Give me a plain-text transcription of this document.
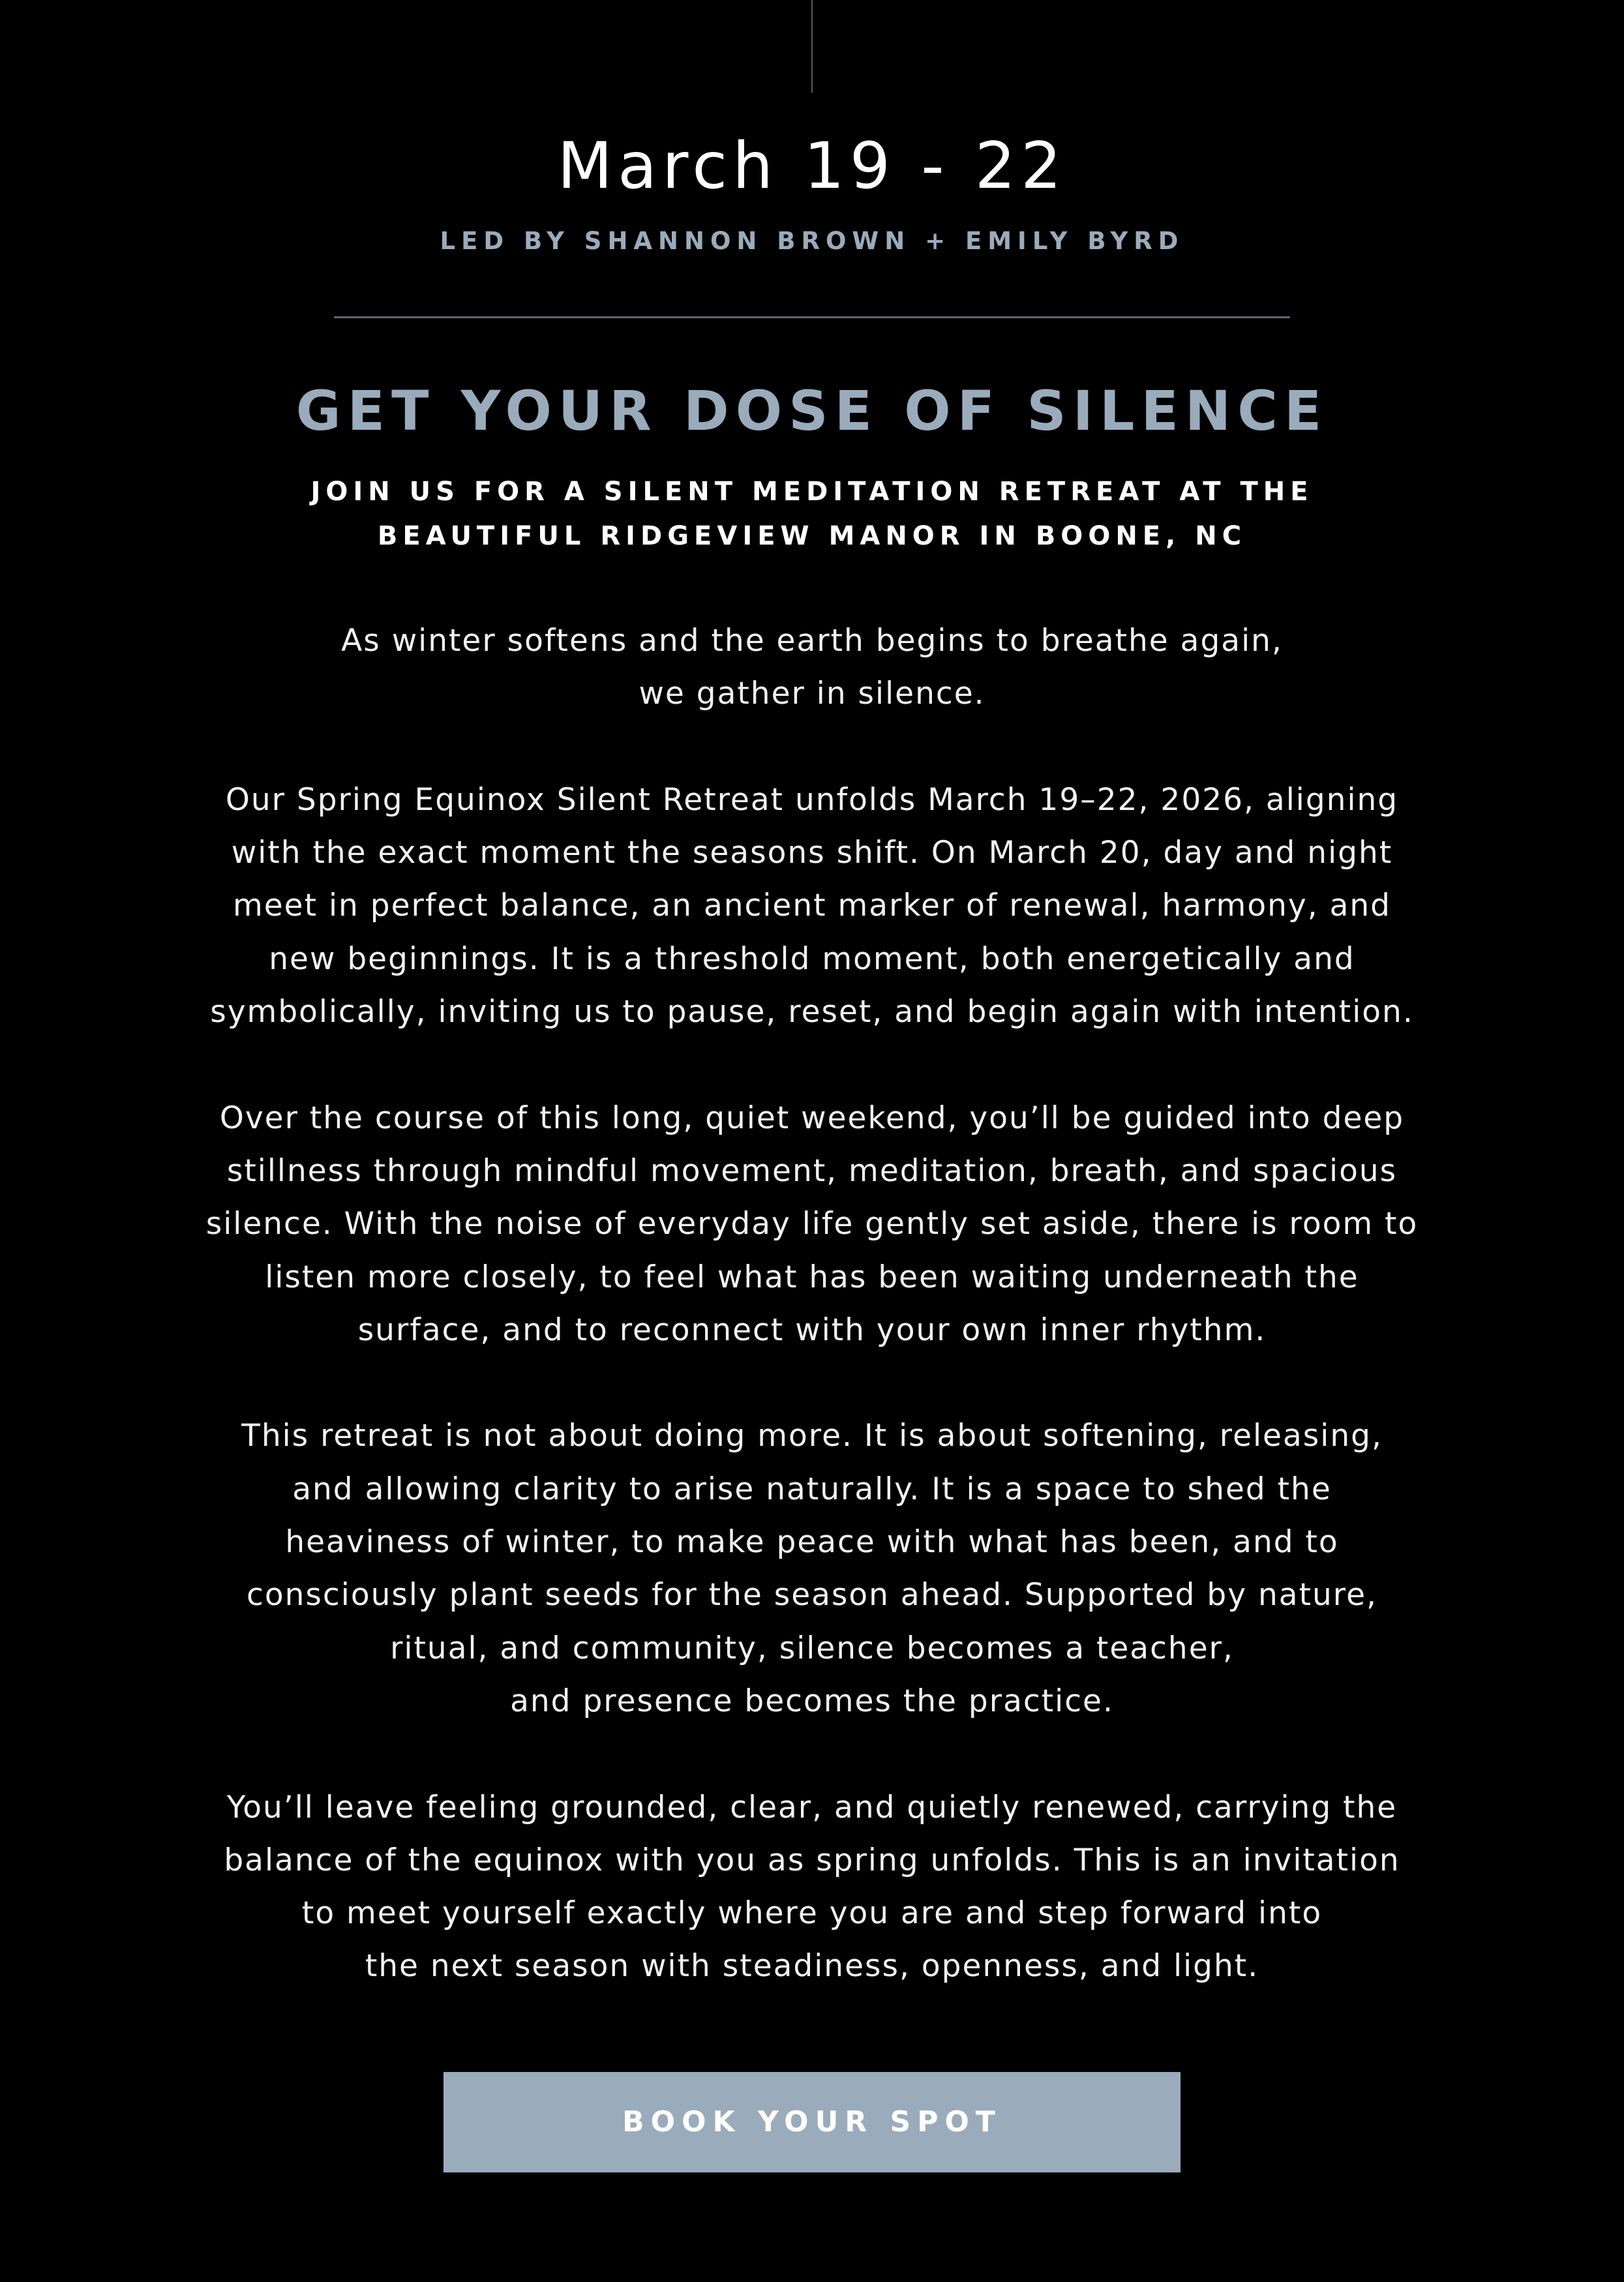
March 19 - 22
LED BY SHANNON BROWN + EMILY BYRD
GET YOUR DOSE OF SILENCE
JOIN US FOR A SILENT MEDITATION RETREAT AT THE
BEAUTIFUL RIDGEVIEW MANOR IN BOONE, NC
As winter softens and the earth begins to breathe again,
we gather in silence.
Our Spring Equinox Silent Retreat unfolds March 19–22, 2026, aligning
with the exact moment the seasons shift. On March 20, day and night
meet in perfect balance, an ancient marker of renewal, harmony, and
new beginnings. It is a threshold moment, both energetically and
symbolically, inviting us to pause, reset, and begin again with intention.
Over the course of this long, quiet weekend, you’ll be guided into deep
stillness through mindful movement, meditation, breath, and spacious
silence. With the noise of everyday life gently set aside, there is room to
listen more closely, to feel what has been waiting underneath the
surface, and to reconnect with your own inner rhythm.
This retreat is not about doing more. It is about softening, releasing,
and allowing clarity to arise naturally. It is a space to shed the
heaviness of winter, to make peace with what has been, and to
consciously plant seeds for the season ahead. Supported by nature,
ritual, and community, silence becomes a teacher,
and presence becomes the practice.
You’ll leave feeling grounded, clear, and quietly renewed, carrying the
balance of the equinox with you as spring unfolds. This is an invitation
to meet yourself exactly where you are and step forward into
the next season with steadiness, openness, and light.
BOOK YOUR SPOT
